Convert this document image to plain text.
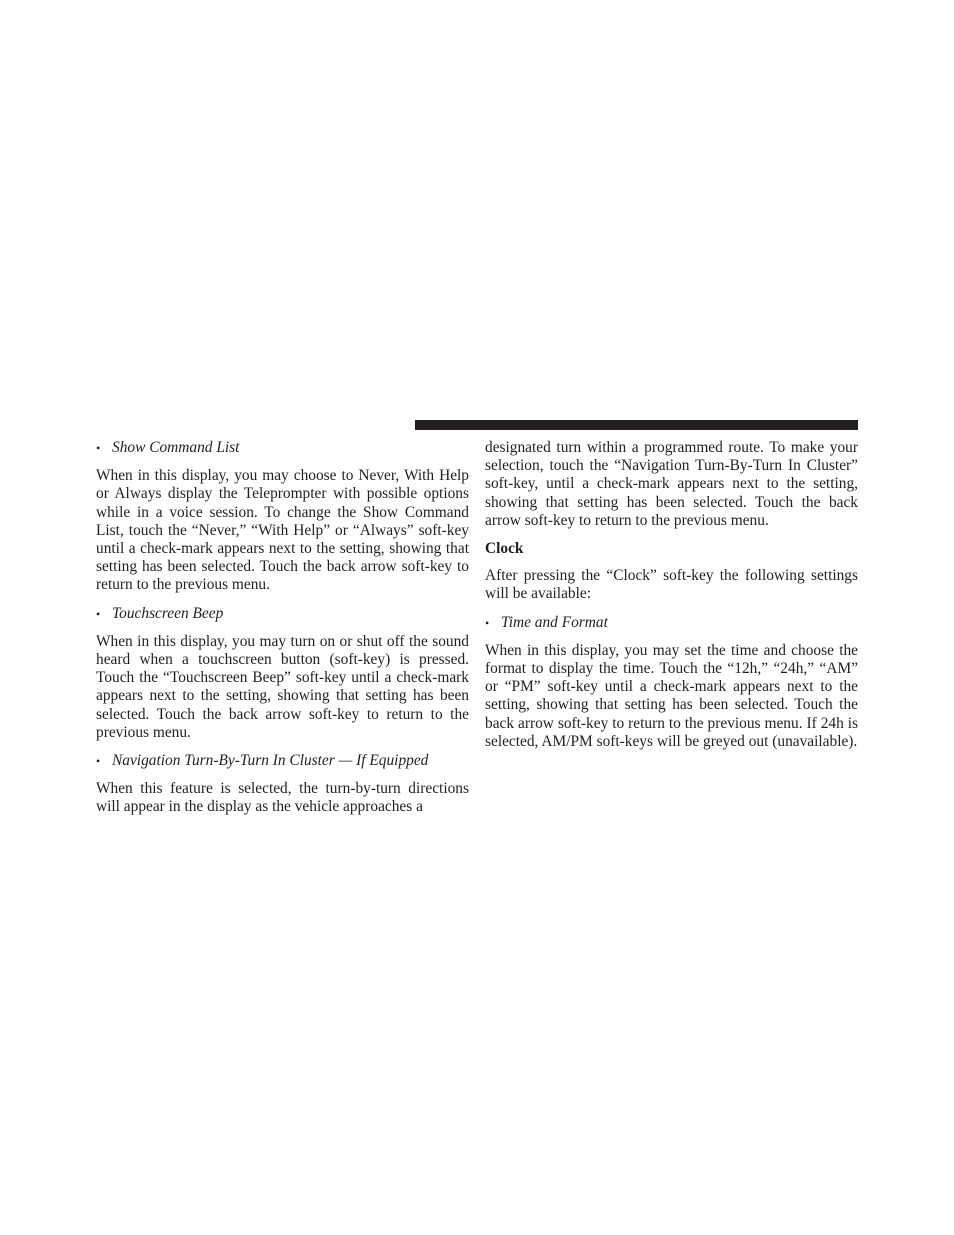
• Show Command List

When in this display, you may choose to Never, With Help or Always display the Teleprompter with possible options while in a voice session. To change the Show Command List, touch the “Never,” “With Help” or “Always” soft-key until a check-mark appears next to the setting, showing that setting has been selected. Touch the back arrow soft-key to return to the previous menu.

• Touchscreen Beep

When in this display, you may turn on or shut off the sound heard when a touchscreen button (soft-key) is pressed. Touch the “Touchscreen Beep” soft-key until a check-mark appears next to the setting, showing that setting has been selected. Touch the back arrow soft-key to return to the previous menu.

• Navigation Turn-By-Turn In Cluster — If Equipped

When this feature is selected, the turn-by-turn directions will appear in the display as the vehicle approaches a

designated turn within a programmed route. To make your selection, touch the “Navigation Turn-By-Turn In Cluster” soft-key, until a check-mark appears next to the setting, showing that setting has been selected. Touch the back arrow soft-key to return to the previous menu.

Clock

After pressing the “Clock” soft-key the following settings will be available:

• Time and Format

When in this display, you may set the time and choose the format to display the time. Touch the “12h,” “24h,” “AM” or “PM” soft-key until a check-mark appears next to the setting, showing that setting has been selected. Touch the back arrow soft-key to return to the previous menu. If 24h is selected, AM/PM soft-keys will be greyed out (unavailable).
